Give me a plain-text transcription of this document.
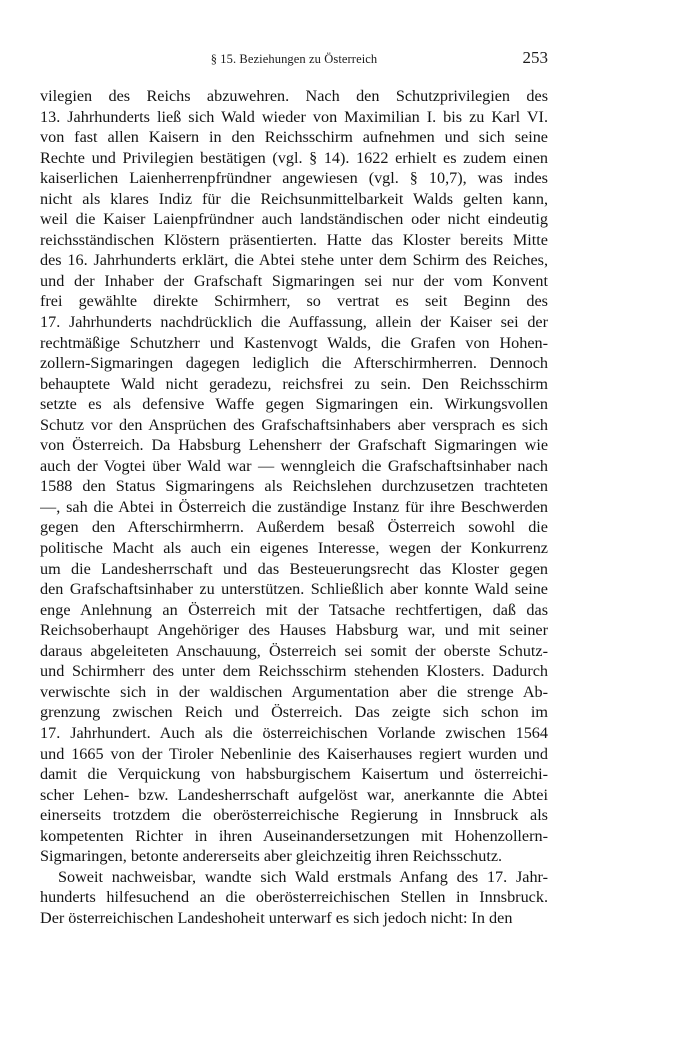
§ 15. Beziehungen zu Österreich	253
vilegien des Reichs abzuwehren. Nach den Schutzprivilegien des
13. Jahrhunderts ließ sich Wald wieder von Maximilian I. bis zu Karl VI.
von fast allen Kaisern in den Reichsschirm aufnehmen und sich seine
Rechte und Privilegien bestätigen (vgl. § 14). 1622 erhielt es zudem einen
kaiserlichen Laienherrenpfründner angewiesen (vgl. § 10,7), was indes
nicht als klares Indiz für die Reichsunmittelbarkeit Walds gelten kann,
weil die Kaiser Laienpfründner auch landständischen oder nicht eindeutig
reichsständischen Klöstern präsentierten. Hatte das Kloster bereits Mitte
des 16. Jahrhunderts erklärt, die Abtei stehe unter dem Schirm des Reiches,
und der Inhaber der Grafschaft Sigmaringen sei nur der vom Konvent
frei gewählte direkte Schirmherr, so vertrat es seit Beginn des
17. Jahrhunderts nachdrücklich die Auffassung, allein der Kaiser sei der
rechtmäßige Schutzherr und Kastenvogt Walds, die Grafen von Hohen-
zollern-Sigmaringen dagegen lediglich die Afterschirmherren. Dennoch
behauptete Wald nicht geradezu, reichsfrei zu sein. Den Reichsschirm
setzte es als defensive Waffe gegen Sigmaringen ein. Wirkungsvollen
Schutz vor den Ansprüchen des Grafschaftsinhabers aber versprach es sich
von Österreich. Da Habsburg Lehensherr der Grafschaft Sigmaringen wie
auch der Vogtei über Wald war — wenngleich die Grafschaftsinhaber nach
1588 den Status Sigmaringens als Reichslehen durchzusetzen trachteten
—, sah die Abtei in Österreich die zuständige Instanz für ihre Beschwerden
gegen den Afterschirmherrn. Außerdem besaß Österreich sowohl die
politische Macht als auch ein eigenes Interesse, wegen der Konkurrenz
um die Landesherrschaft und das Besteuerungsrecht das Kloster gegen
den Grafschaftsinhaber zu unterstützen. Schließlich aber konnte Wald seine
enge Anlehnung an Österreich mit der Tatsache rechtfertigen, daß das
Reichsoberhaupt Angehöriger des Hauses Habsburg war, und mit seiner
daraus abgeleiteten Anschauung, Österreich sei somit der oberste Schutz-
und Schirmherr des unter dem Reichsschirm stehenden Klosters. Dadurch
verwischte sich in der waldischen Argumentation aber die strenge Ab-
grenzung zwischen Reich und Österreich. Das zeigte sich schon im
17. Jahrhundert. Auch als die österreichischen Vorlande zwischen 1564
und 1665 von der Tiroler Nebenlinie des Kaiserhauses regiert wurden und
damit die Verquickung von habsburgischem Kaisertum und österreichi-
scher Lehen- bzw. Landesherrschaft aufgelöst war, anerkannte die Abtei
einerseits trotzdem die oberösterreichische Regierung in Innsbruck als
kompetenten Richter in ihren Auseinandersetzungen mit Hohenzollern-
Sigmaringen, betonte andererseits aber gleichzeitig ihren Reichsschutz.
Soweit nachweisbar, wandte sich Wald erstmals Anfang des 17. Jahr-
hunderts hilfesuchend an die oberösterreichischen Stellen in Innsbruck.
Der österreichischen Landeshoheit unterwarf es sich jedoch nicht: In den
